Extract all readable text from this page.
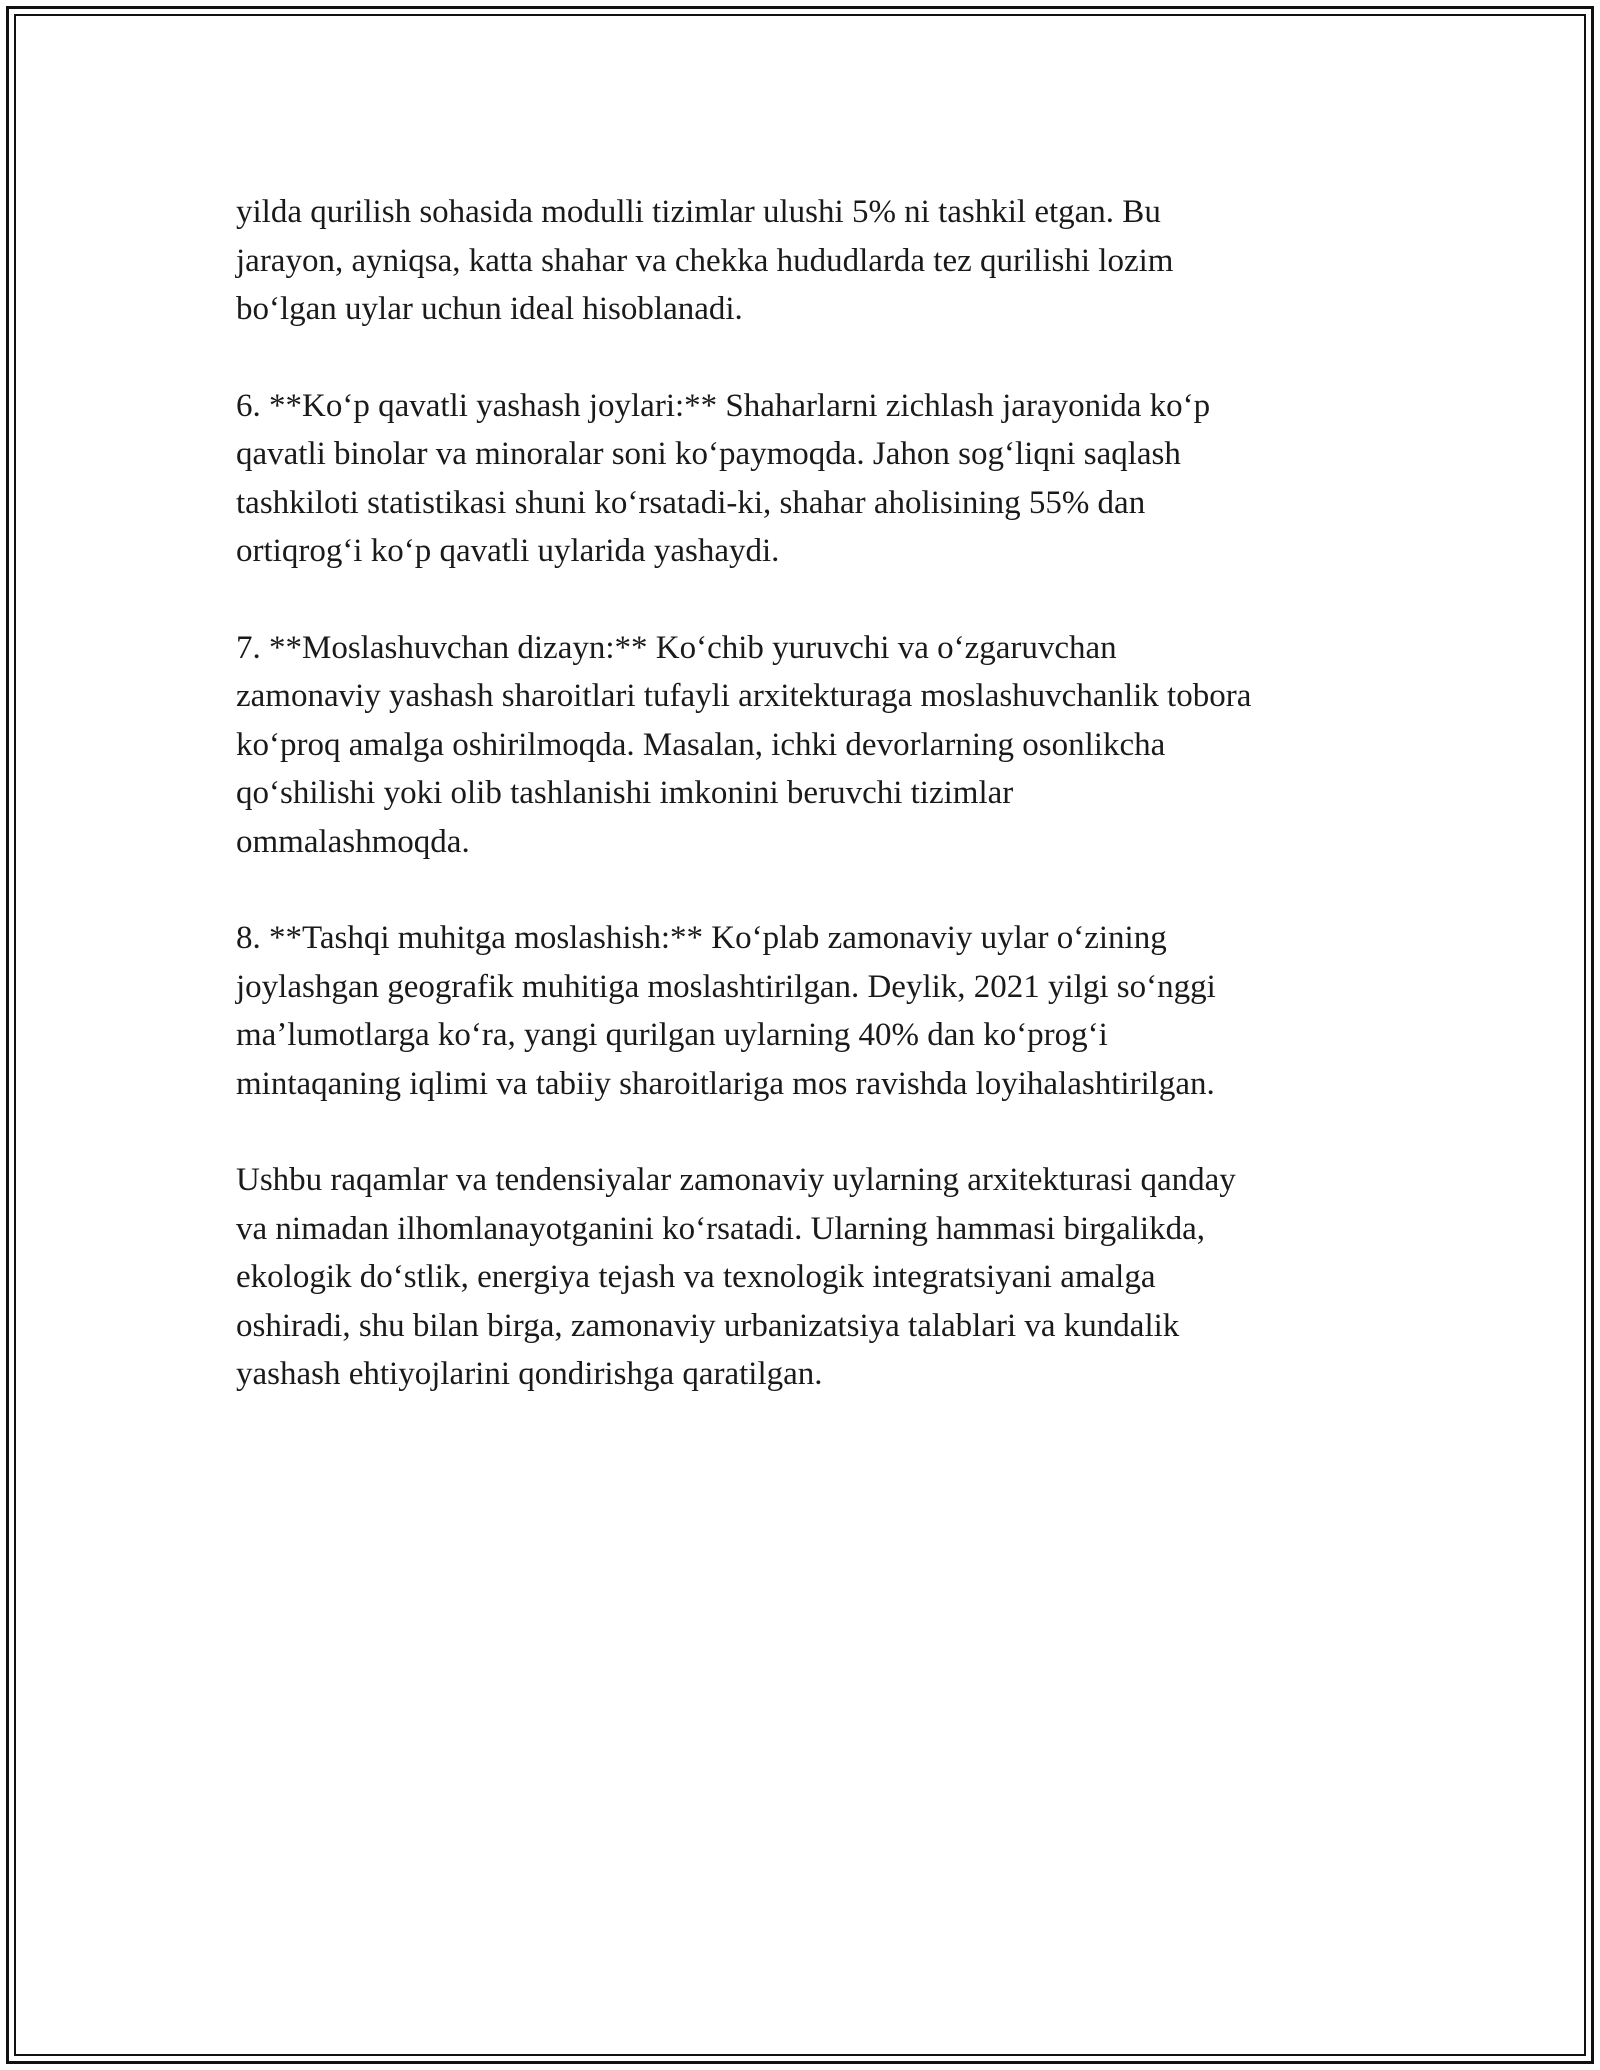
yilda qurilish sohasida modulli tizimlar ulushi 5% ni tashkil etgan. Bu
jarayon, ayniqsa, katta shahar va chekka hududlarda tez qurilishi lozim
boʻlgan uylar uchun ideal hisoblanadi.

6. **Koʻp qavatli yashash joylari:** Shaharlarni zichlash jarayonida koʻp
qavatli binolar va minoralar soni koʻpaymoqda. Jahon sogʻliqni saqlash
tashkiloti statistikasi shuni koʻrsatadi-ki, shahar aholisining 55% dan
ortiqrogʻi koʻp qavatli uylarida yashaydi.

7. **Moslashuvchan dizayn:** Koʻchib yuruvchi va oʻzgaruvchan
zamonaviy yashash sharoitlari tufayli arxitekturaga moslashuvchanlik tobora
koʻproq amalga oshirilmoqda. Masalan, ichki devorlarning osonlikcha
qoʻshilishi yoki olib tashlanishi imkonini beruvchi tizimlar
ommalashmoqda.

8. **Tashqi muhitga moslashish:** Koʻplab zamonaviy uylar oʻzining
joylashgan geografik muhitiga moslashtirilgan. Deylik, 2021 yilgi soʻnggi
maʼlumotlarga koʻra, yangi qurilgan uylarning 40% dan koʻprogʻi
mintaqaning iqlimi va tabiiy sharoitlariga mos ravishda loyihalashtirilgan.

Ushbu raqamlar va tendensiyalar zamonaviy uylarning arxitekturasi qanday
va nimadan ilhomlanayotganini koʻrsatadi. Ularning hammasi birgalikda,
ekologik doʻstlik, energiya tejash va texnologik integratsiyani amalga
oshiradi, shu bilan birga, zamonaviy urbanizatsiya talablari va kundalik
yashash ehtiyojlarini qondirishga qaratilgan.
